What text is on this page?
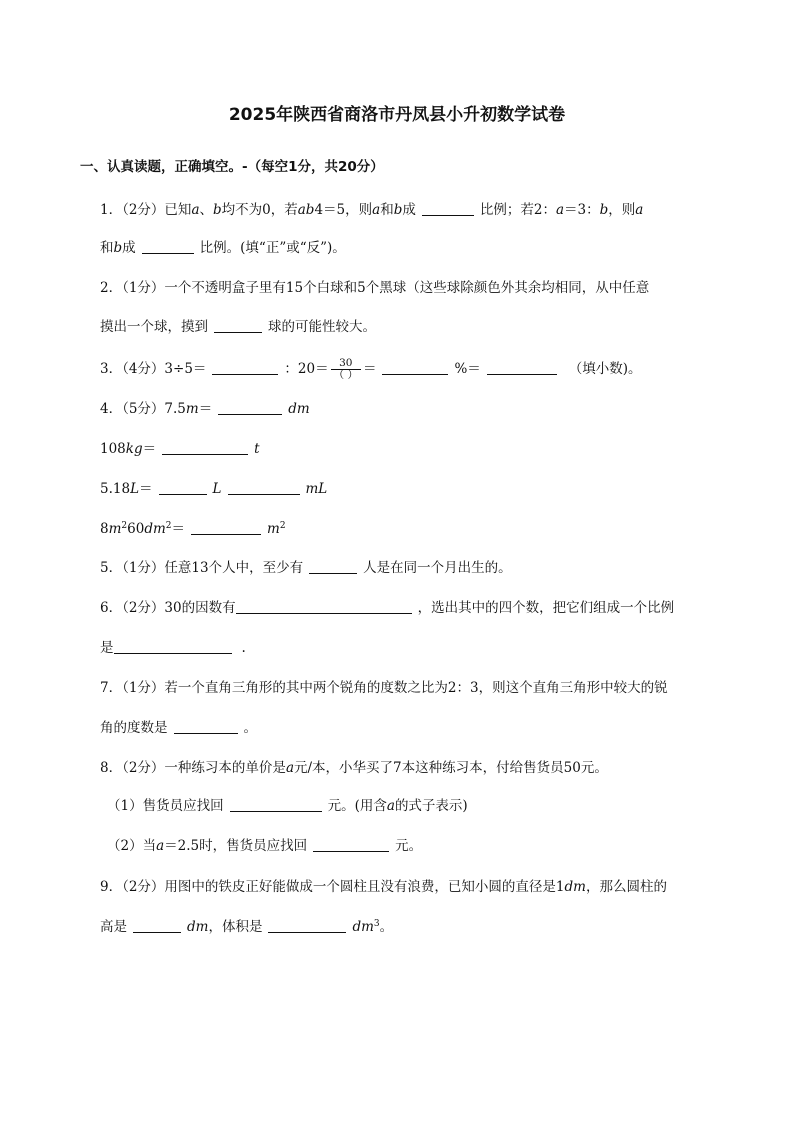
2025年陕西省商洛市丹凤县小升初数学试卷
一、认真读题，正确填空。-（每空1分，共20分）
1．（2分）已知a、b均不为0，若ab4＝5，则a和b成	比例；若2：a＝3：b，则a
和b成	比例。(填“正”或“反”)。
2．（1分）一个不透明盒子里有15个白球和5个黑球（这些球除颜色外其余均相同，从中任意
摸出一个球，摸到	球的可能性较大。
3．（4分）3÷5＝	：$20= \frac{30}{( )}$ ＝	%＝	（填小数)。
4．（5分）7.5m＝	dm
108kg＝	t
5.18L＝	L	mL
$8m^260dm^2=$	$m^2$
5．（1分）任意13个人中，至少有	人是在同一个月出生的。
6．（2分）30的因数有	，选出其中的四个数，把它们组成一个比例
是	.
7．（1分）若一个直角三角形的其中两个锐角的度数之比为2：3，则这个直角三角形中较大的锐
角的度数是	。
8．（2分）一种练习本的单价是a元/本，小华买了7本这种练习本，付给售货员50元。
（1）售货员应找回	元。(用含a的式子表示)
（2）当a＝2.5时，售货员应找回	元。
9．（2分）用图中的铁皮正好能做成一个圆柱且没有浪费，已知小圆的直径是1dm，那么圆柱的
高是	dm，体积是	$dm^3$。
